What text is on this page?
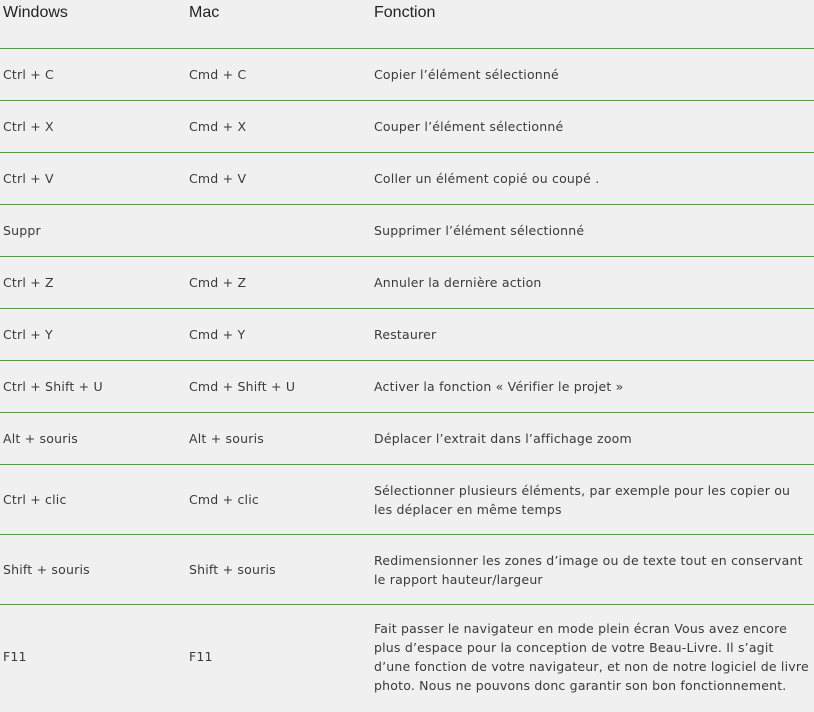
Windows	Mac	Fonction
Ctrl + C	Cmd + C	Copier l’élément sélectionné
Ctrl + X	Cmd + X	Couper l’élément sélectionné
Ctrl + V	Cmd + V	Coller un élément copié ou coupé .
Suppr		Supprimer l’élément sélectionné
Ctrl + Z	Cmd + Z	Annuler la dernière action
Ctrl + Y	Cmd + Y	Restaurer
Ctrl + Shift + U	Cmd + Shift + U	Activer la fonction « Vérifier le projet »
Alt + souris	Alt + souris	Déplacer l’extrait dans l’affichage zoom
Ctrl + clic	Cmd + clic	Sélectionner plusieurs éléments, par exemple pour les copier ou les déplacer en même temps
Shift + souris	Shift + souris	Redimensionner les zones d’image ou de texte tout en conservant le rapport hauteur/largeur
F11	F11	Fait passer le navigateur en mode plein écran Vous avez encore plus d’espace pour la conception de votre Beau-Livre. Il s’agit d’une fonction de votre navigateur, et non de notre logiciel de livre photo. Nous ne pouvons donc garantir son bon fonctionnement.
